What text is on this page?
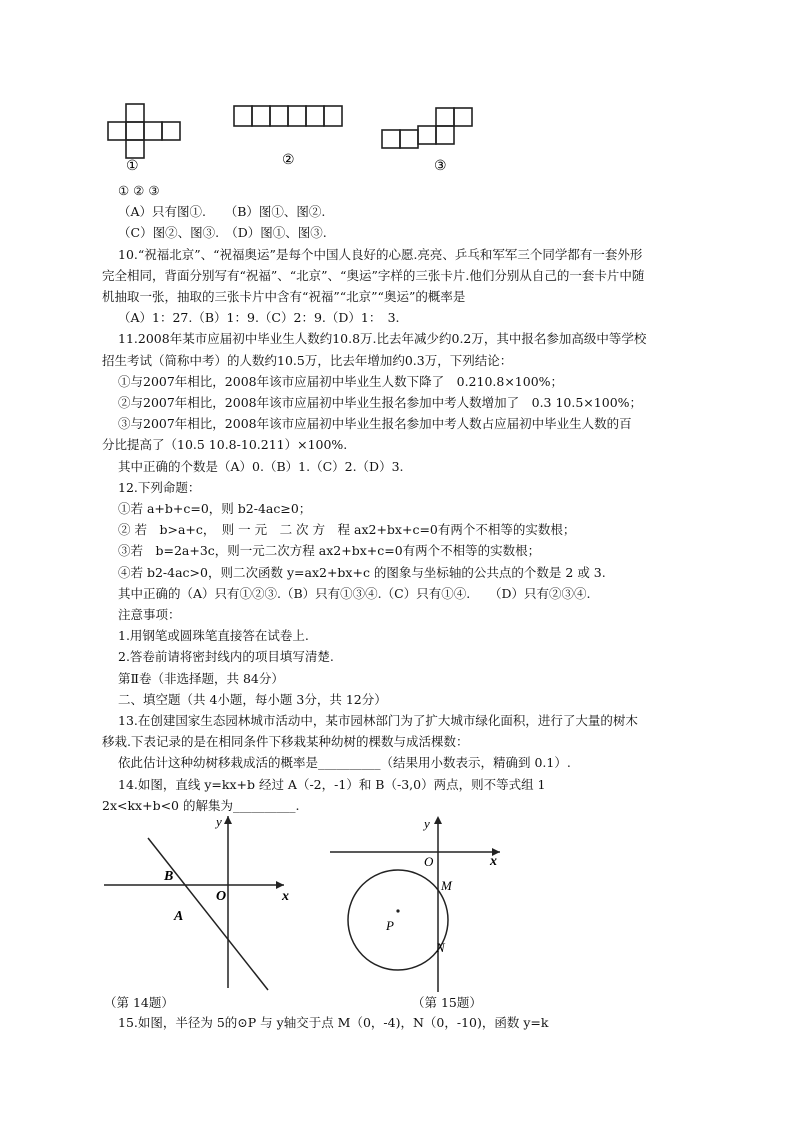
①	②	③
① ② ③
（A）只有图①.　　（B）图①、图②.
（C）图②、图③.　（D）图①、图③.
10.“祝福北京”、“祝福奥运”是每个中国人良好的心愿.亮亮、乒乓和军军三个同学都有一套外形
完全相同，背面分别写有“祝福”、“北京”、“奥运”字样的三张卡片.他们分别从自己的一套卡片中随
机抽取一张，抽取的三张卡片中含有“祝福”“北京”“奥运”的概率是
（A）1：27.（B）1：9.（C）2：9.（D）1：　3.
11.2008年某市应届初中毕业生人数约10.8万.比去年减少约0.2万，其中报名参加高级中等学校
招生考试（简称中考）的人数约10.5万，比去年增加约0.3万，下列结论：
①与2007年相比，2008年该市应届初中毕业生人数下降了　0.210.8×100%；
②与2007年相比，2008年该市应届初中毕业生报名参加中考人数增加了　0.3 10.5×100%；
③与2007年相比，2008年该市应届初中毕业生报名参加中考人数占应届初中毕业生人数的百
分比提高了（10.5 10.8-10.211）×100%.
其中正确的个数是（A）0.（B）1.（C）2.（D）3.
12.下列命题：
①若 a+b+c=0，则 b2-4ac≥0；
② 若　b>a+c，　则 一 元　二 次 方　程 ax2+bx+c=0有两个不相等的实数根；
③若　b=2a+3c，则一元二次方程 ax2+bx+c=0有两个不相等的实数根；
④若 b2-4ac>0，则二次函数 y=ax2+bx+c 的图象与坐标轴的公共点的个数是 2 或 3.
其中正确的（A）只有①②③.（B）只有①③④.（C）只有①④.　　（D）只有②③④.
注意事项：
1.用钢笔或圆珠笔直接答在试卷上.
2.答卷前请将密封线内的项目填写清楚.
第Ⅱ卷（非选择题，共 84分）
二、填空题（共 4小题，每小题 3分，共 12分）
13.在创建国家生态园林城市活动中，某市园林部门为了扩大城市绿化面积，进行了大量的树木
移栽.下表记录的是在相同条件下移栽某种幼树的棵数与成活棵数：
依此估计这种幼树移栽成活的概率是__________（结果用小数表示，精确到 0.1）.
14.如图，直线 y=kx+b 经过 A（-2，-1）和 B（-3,0）两点，则不等式组 1
2x<kx+b<0 的解集为__________.
y
x
O
B
A
（第 14题）
y
x
O
M
N
P
（第 15题）
15.如图，半径为 5的⊙P 与 y轴交于点 M（0，-4)，N（0，-10)，函数 y=k
